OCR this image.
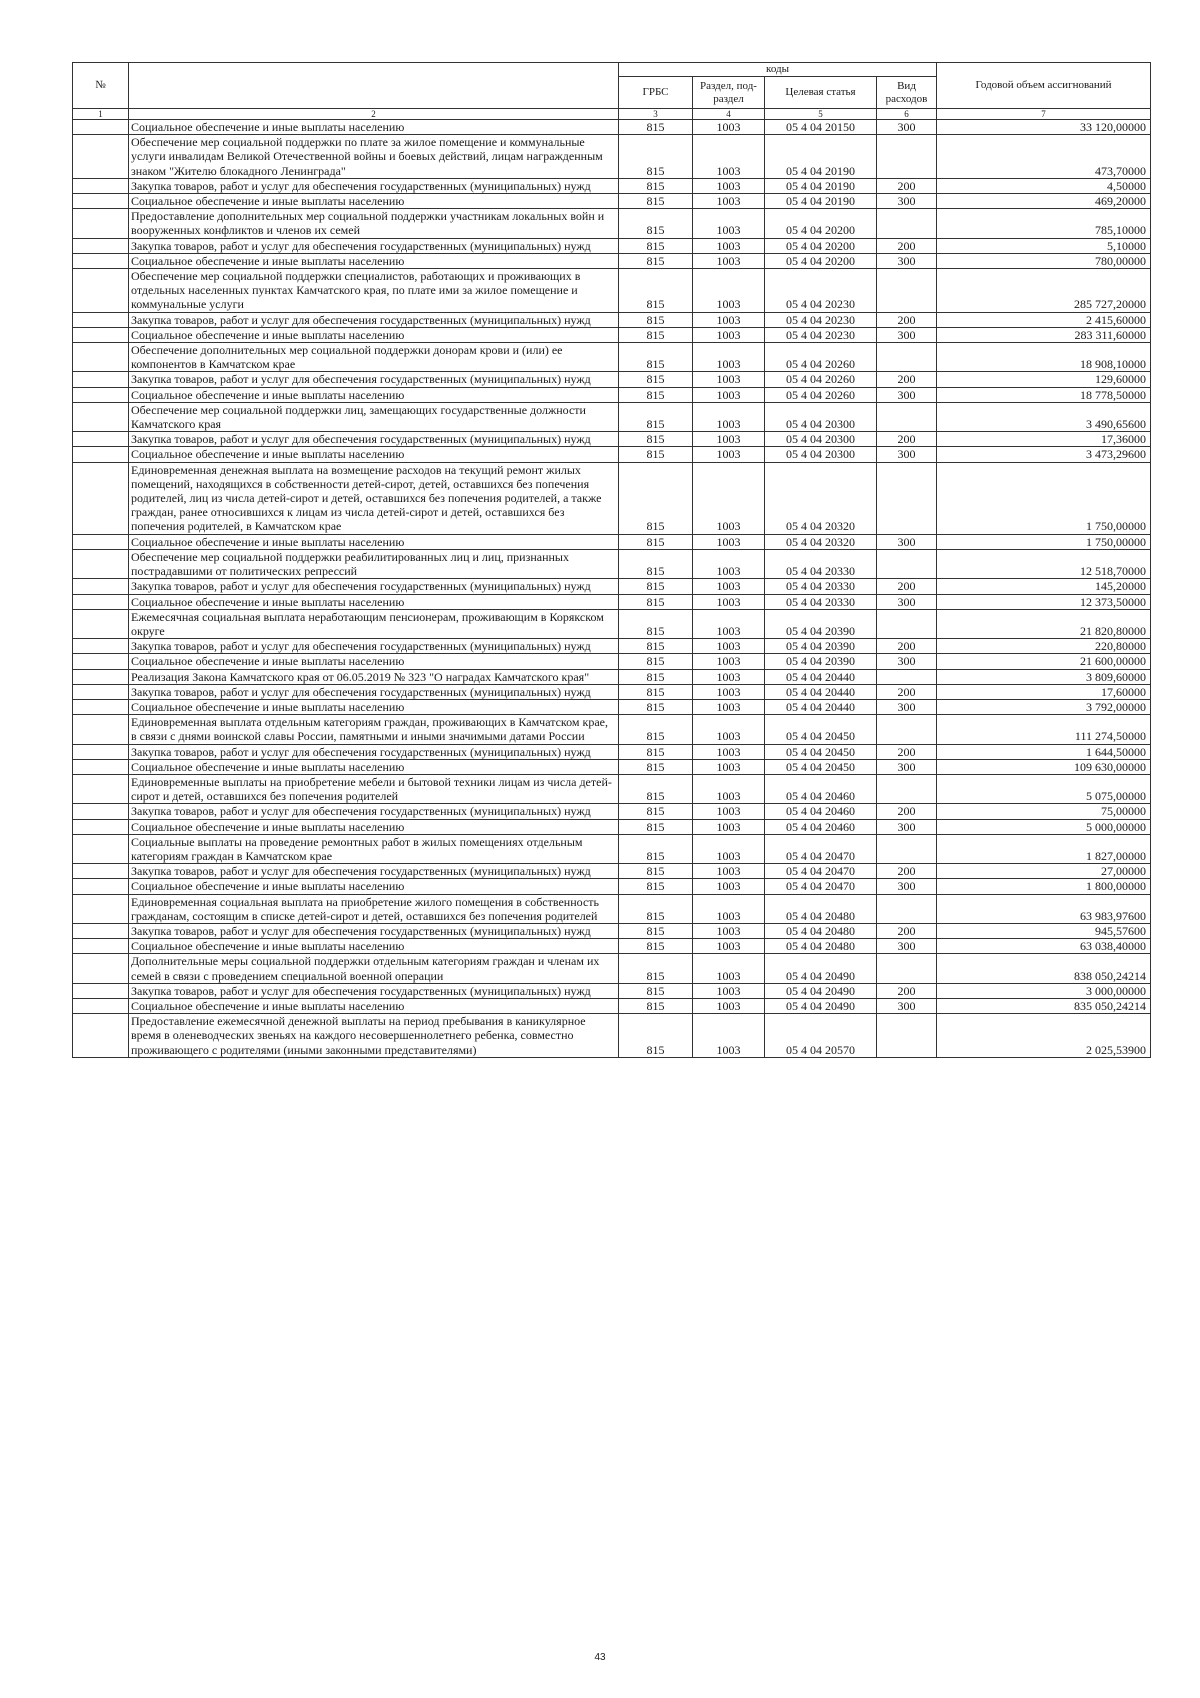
№		коды				Годовой объем ассигнований
		ГРБС	Раздел, под-раздел	Целевая статья	Вид расходов	
1	2	3	4	5	6	7
	Социальное обеспечение и иные выплаты населению	815	1003	05 4 04 20150	300	33 120,00000
	Обеспечение мер социальной поддержки по плате за жилое помещение и коммунальные услуги инвалидам Великой Отечественной войны и боевых действий, лицам награжденным знаком "Жителю блокадного Ленинграда"	815	1003	05 4 04 20190		473,70000
	Закупка товаров, работ и услуг для обеспечения государственных (муниципальных) нужд	815	1003	05 4 04 20190	200	4,50000
	Социальное обеспечение и иные выплаты населению	815	1003	05 4 04 20190	300	469,20000
	Предоставление дополнительных мер социальной поддержки участникам локальных войн и вооруженных конфликтов и членов их семей	815	1003	05 4 04 20200		785,10000
	Закупка товаров, работ и услуг для обеспечения государственных (муниципальных) нужд	815	1003	05 4 04 20200	200	5,10000
	Социальное обеспечение и иные выплаты населению	815	1003	05 4 04 20200	300	780,00000
	Обеспечение мер социальной поддержки специалистов, работающих и проживающих в отдельных населенных пунктах Камчатского края, по плате ими за жилое помещение и коммунальные услуги	815	1003	05 4 04 20230		285 727,20000
	Закупка товаров, работ и услуг для обеспечения государственных (муниципальных) нужд	815	1003	05 4 04 20230	200	2 415,60000
	Социальное обеспечение и иные выплаты населению	815	1003	05 4 04 20230	300	283 311,60000
	Обеспечение дополнительных мер социальной поддержки донорам крови и (или) ее компонентов в Камчатском крае	815	1003	05 4 04 20260		18 908,10000
	Закупка товаров, работ и услуг для обеспечения государственных (муниципальных) нужд	815	1003	05 4 04 20260	200	129,60000
	Социальное обеспечение и иные выплаты населению	815	1003	05 4 04 20260	300	18 778,50000
	Обеспечение мер социальной поддержки лиц, замещающих государственные должности Камчатского края	815	1003	05 4 04 20300		3 490,65600
	Закупка товаров, работ и услуг для обеспечения государственных (муниципальных) нужд	815	1003	05 4 04 20300	200	17,36000
	Социальное обеспечение и иные выплаты населению	815	1003	05 4 04 20300	300	3 473,29600
	Единовременная денежная выплата на возмещение расходов на текущий ремонт жилых помещений, находящихся в собственности детей-сирот, детей, оставшихся без попечения родителей, лиц из числа детей-сирот и детей, оставшихся без попечения родителей, а также граждан, ранее относившихся к лицам из числа детей-сирот и детей, оставшихся без попечения родителей, в Камчатском крае	815	1003	05 4 04 20320		1 750,00000
	Социальное обеспечение и иные выплаты населению	815	1003	05 4 04 20320	300	1 750,00000
	Обеспечение мер социальной поддержки реабилитированных лиц и лиц, признанных пострадавшими от политических репрессий	815	1003	05 4 04 20330		12 518,70000
	Закупка товаров, работ и услуг для обеспечения государственных (муниципальных) нужд	815	1003	05 4 04 20330	200	145,20000
	Социальное обеспечение и иные выплаты населению	815	1003	05 4 04 20330	300	12 373,50000
	Ежемесячная социальная выплата неработающим пенсионерам, проживающим в Корякском округе	815	1003	05 4 04 20390		21 820,80000
	Закупка товаров, работ и услуг для обеспечения государственных (муниципальных) нужд	815	1003	05 4 04 20390	200	220,80000
	Социальное обеспечение и иные выплаты населению	815	1003	05 4 04 20390	300	21 600,00000
	Реализация Закона Камчатского края от 06.05.2019 № 323 "О наградах Камчатского края"	815	1003	05 4 04 20440		3 809,60000
	Закупка товаров, работ и услуг для обеспечения государственных (муниципальных) нужд	815	1003	05 4 04 20440	200	17,60000
	Социальное обеспечение и иные выплаты населению	815	1003	05 4 04 20440	300	3 792,00000
	Единовременная выплата отдельным категориям граждан, проживающих в Камчатском крае, в связи с днями воинской славы России, памятными и иными значимыми датами России	815	1003	05 4 04 20450		111 274,50000
	Закупка товаров, работ и услуг для обеспечения государственных (муниципальных) нужд	815	1003	05 4 04 20450	200	1 644,50000
	Социальное обеспечение и иные выплаты населению	815	1003	05 4 04 20450	300	109 630,00000
	Единовременные выплаты на приобретение мебели и бытовой техники лицам из числа детей-сирот и детей, оставшихся без попечения родителей	815	1003	05 4 04 20460		5 075,00000
	Закупка товаров, работ и услуг для обеспечения государственных (муниципальных) нужд	815	1003	05 4 04 20460	200	75,00000
	Социальное обеспечение и иные выплаты населению	815	1003	05 4 04 20460	300	5 000,00000
	Социальные выплаты на проведение ремонтных работ в жилых помещениях отдельным категориям граждан в Камчатском крае	815	1003	05 4 04 20470		1 827,00000
	Закупка товаров, работ и услуг для обеспечения государственных (муниципальных) нужд	815	1003	05 4 04 20470	200	27,00000
	Социальное обеспечение и иные выплаты населению	815	1003	05 4 04 20470	300	1 800,00000
	Единовременная социальная выплата на приобретение жилого помещения в собственность гражданам, состоящим в списке детей-сирот и детей, оставшихся без попечения родителей	815	1003	05 4 04 20480		63 983,97600
	Закупка товаров, работ и услуг для обеспечения государственных (муниципальных) нужд	815	1003	05 4 04 20480	200	945,57600
	Социальное обеспечение и иные выплаты населению	815	1003	05 4 04 20480	300	63 038,40000
	Дополнительные меры социальной поддержки отдельным категориям граждан и членам их семей в связи с проведением специальной военной операции	815	1003	05 4 04 20490		838 050,24214
	Закупка товаров, работ и услуг для обеспечения государственных (муниципальных) нужд	815	1003	05 4 04 20490	200	3 000,00000
	Социальное обеспечение и иные выплаты населению	815	1003	05 4 04 20490	300	835 050,24214
	Предоставление ежемесячной денежной выплаты на период пребывания в каникулярное время в оленеводческих звеньях на каждого несовершеннолетнего ребенка, совместно проживающего с родителями (иными законными представителями)	815	1003	05 4 04 20570		2 025,53900
43
